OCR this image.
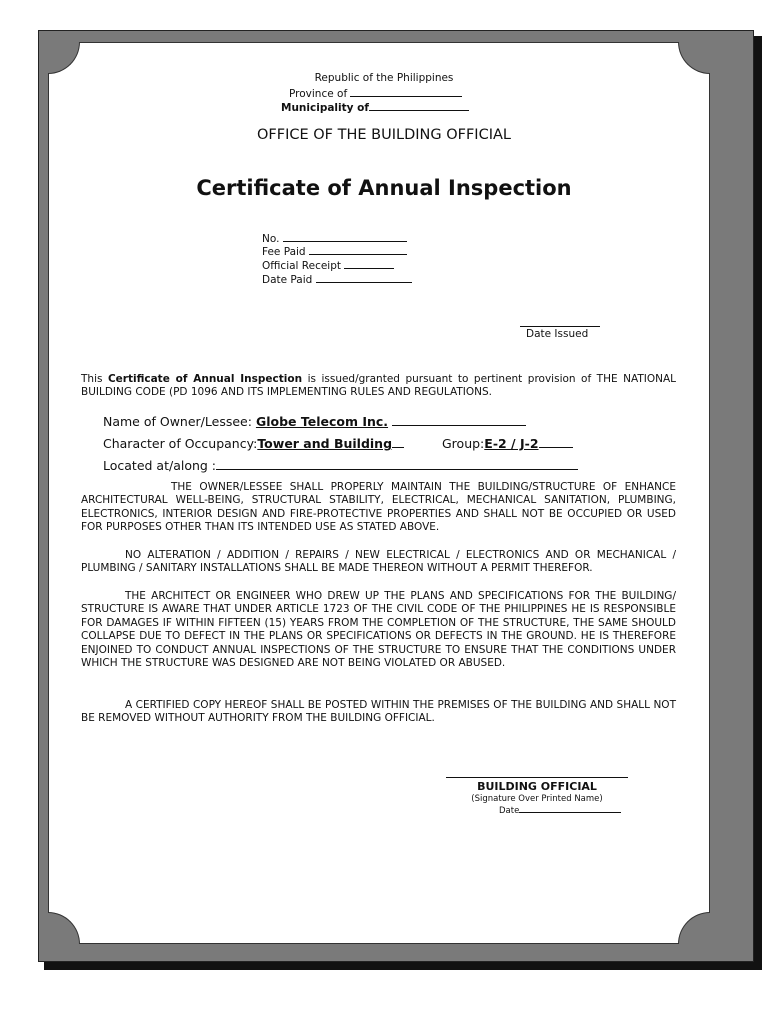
Republic of the Philippines
Province of
Municipality of
OFFICE OF THE BUILDING OFFICIAL
Certificate of Annual Inspection
No.
Fee Paid
Official Receipt
Date Paid
Date Issued
This Certificate of Annual Inspection is issued/granted pursuant to pertinent provision of THE NATIONAL BUILDING CODE (PD 1096 AND ITS IMPLEMENTING RULES AND REGULATIONS.
Name of Owner/Lessee: Globe Telecom Inc.
Character of Occupancy:Tower and Building	Group:E-2 / J-2
Located at/along :
THE OWNER/LESSEE SHALL PROPERLY MAINTAIN THE BUILDING/STRUCTURE OF ENHANCE ARCHITECTURAL WELL-BEING, STRUCTURAL STABILITY, ELECTRICAL, MECHANICAL SANITATION, PLUMBING, ELECTRONICS, INTERIOR DESIGN AND FIRE-PROTECTIVE PROPERTIES AND SHALL NOT BE OCCUPIED OR USED FOR PURPOSES OTHER THAN ITS INTENDED USE AS STATED ABOVE.
NO ALTERATION / ADDITION / REPAIRS / NEW ELECTRICAL / ELECTRONICS AND OR MECHANICAL / PLUMBING / SANITARY INSTALLATIONS SHALL BE MADE THEREON WITHOUT A PERMIT THEREFOR.
THE ARCHITECT OR ENGINEER WHO DREW UP THE PLANS AND SPECIFICATIONS FOR THE BUILDING/ STRUCTURE IS AWARE THAT UNDER ARTICLE 1723 OF THE CIVIL CODE OF THE PHILIPPINES HE IS RESPONSIBLE FOR DAMAGES IF WITHIN FIFTEEN (15) YEARS FROM THE COMPLETION OF THE STRUCTURE, THE SAME SHOULD COLLAPSE DUE TO DEFECT IN THE PLANS OR SPECIFICATIONS OR DEFECTS IN THE GROUND. HE IS THEREFORE ENJOINED TO CONDUCT ANNUAL INSPECTIONS OF THE STRUCTURE TO ENSURE THAT THE CONDITIONS UNDER WHICH THE STRUCTURE WAS DESIGNED ARE NOT BEING VIOLATED OR ABUSED.
A CERTIFIED COPY HEREOF SHALL BE POSTED WITHIN THE PREMISES OF THE BUILDING AND SHALL NOT BE REMOVED WITHOUT AUTHORITY FROM THE BUILDING OFFICIAL.
BUILDING OFFICIAL
(Signature Over Printed Name)
Date
